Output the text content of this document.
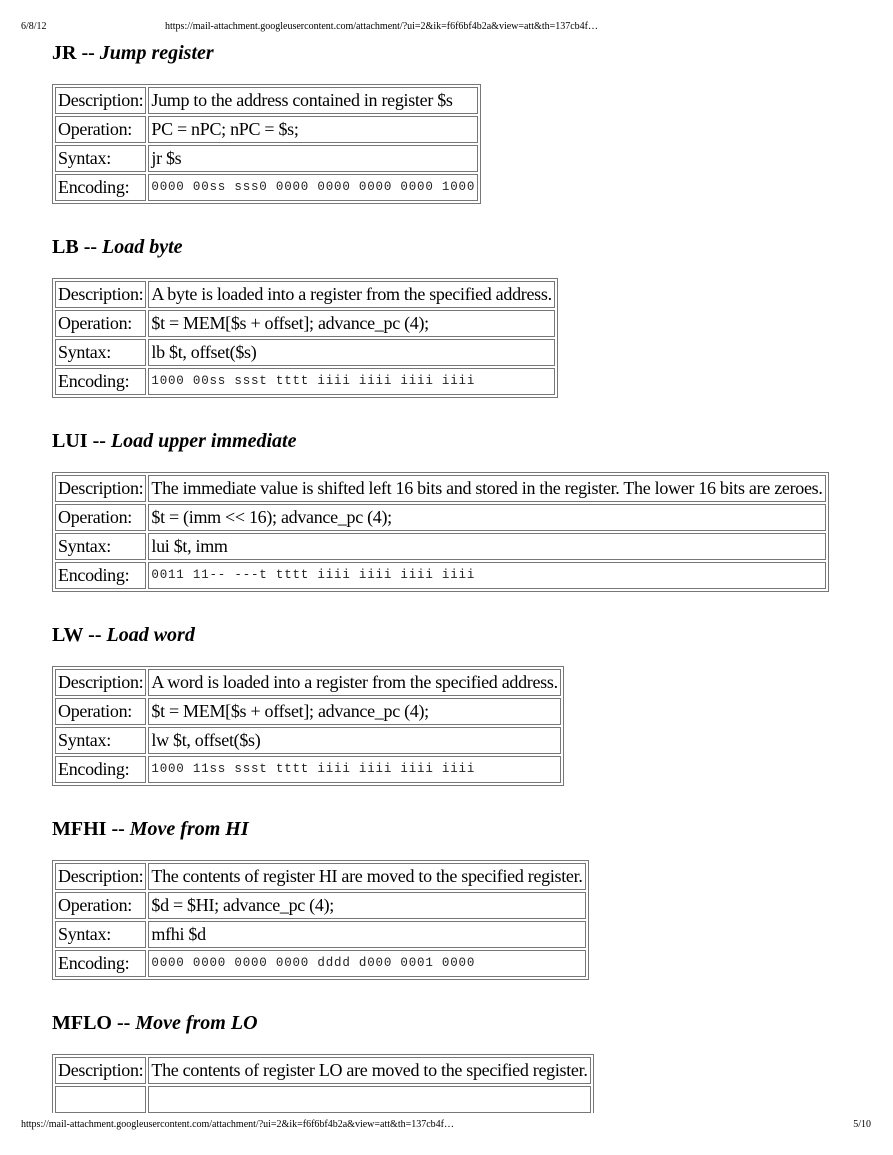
6/8/12	https://mail-attachment.googleusercontent.com/attachment/?ui=2&ik=f6f6bf4b2a&view=att&th=137cb4f…
JR -- Jump register
Description:	Jump to the address contained in register $s
Operation:	PC = nPC; nPC = $s;
Syntax:	jr $s
Encoding:	0000 00ss sss0 0000 0000 0000 0000 1000
LB -- Load byte
Description:	A byte is loaded into a register from the specified address.
Operation:	$t = MEM[$s + offset]; advance_pc (4);
Syntax:	lb $t, offset($s)
Encoding:	1000 00ss ssst tttt iiii iiii iiii iiii
LUI -- Load upper immediate
Description:	The immediate value is shifted left 16 bits and stored in the register. The lower 16 bits are zeroes.
Operation:	$t = (imm << 16); advance_pc (4);
Syntax:	lui $t, imm
Encoding:	0011 11-- ---t tttt iiii iiii iiii iiii
LW -- Load word
Description:	A word is loaded into a register from the specified address.
Operation:	$t = MEM[$s + offset]; advance_pc (4);
Syntax:	lw $t, offset($s)
Encoding:	1000 11ss ssst tttt iiii iiii iiii iiii
MFHI -- Move from HI
Description:	The contents of register HI are moved to the specified register.
Operation:	$d = $HI; advance_pc (4);
Syntax:	mfhi $d
Encoding:	0000 0000 0000 0000 dddd d000 0001 0000
MFLO -- Move from LO
Description:	The contents of register LO are moved to the specified register.

https://mail-attachment.googleusercontent.com/attachment/?ui=2&ik=f6f6bf4b2a&view=att&th=137cb4f…	5/10
